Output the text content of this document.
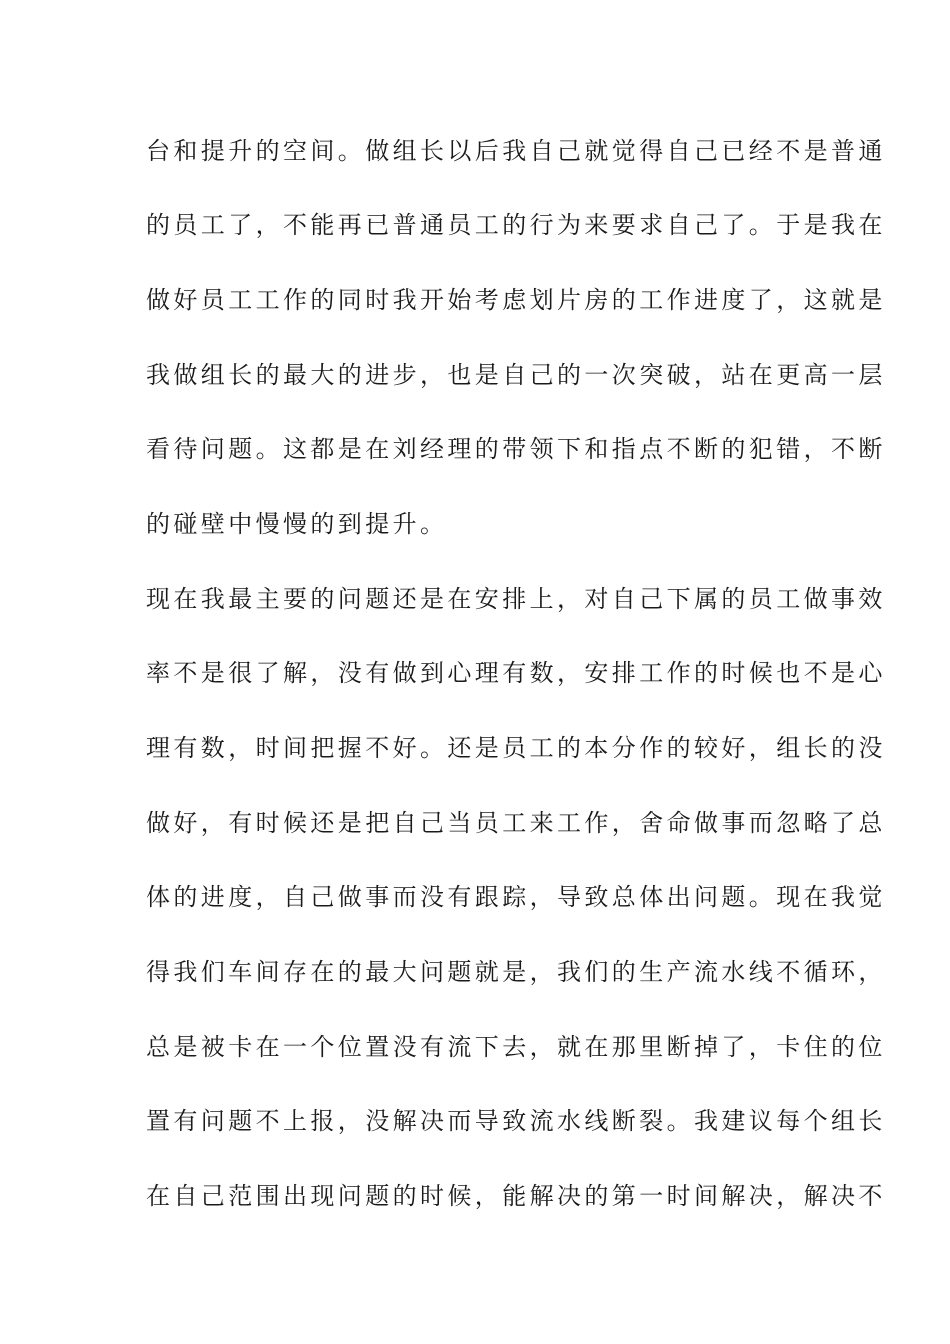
台和提升的空间。做组长以后我自己就觉得自己已经不是普通
的员工了，不能再已普通员工的行为来要求自己了。于是我在
做好员工工作的同时我开始考虑划片房的工作进度了，这就是
我做组长的最大的进步，也是自己的一次突破，站在更高一层
看待问题。这都是在刘经理的带领下和指点不断的犯错，不断
的碰壁中慢慢的到提升。
现在我最主要的问题还是在安排上，对自己下属的员工做事效
率不是很了解，没有做到心理有数，安排工作的时候也不是心
理有数，时间把握不好。还是员工的本分作的较好，组长的没
做好，有时候还是把自己当员工来工作，舍命做事而忽略了总
体的进度，自己做事而没有跟踪，导致总体出问题。现在我觉
得我们车间存在的最大问题就是，我们的生产流水线不循环，
总是被卡在一个位置没有流下去，就在那里断掉了，卡住的位
置有问题不上报，没解决而导致流水线断裂。我建议每个组长
在自己范围出现问题的时候，能解决的第一时间解决，解决不
